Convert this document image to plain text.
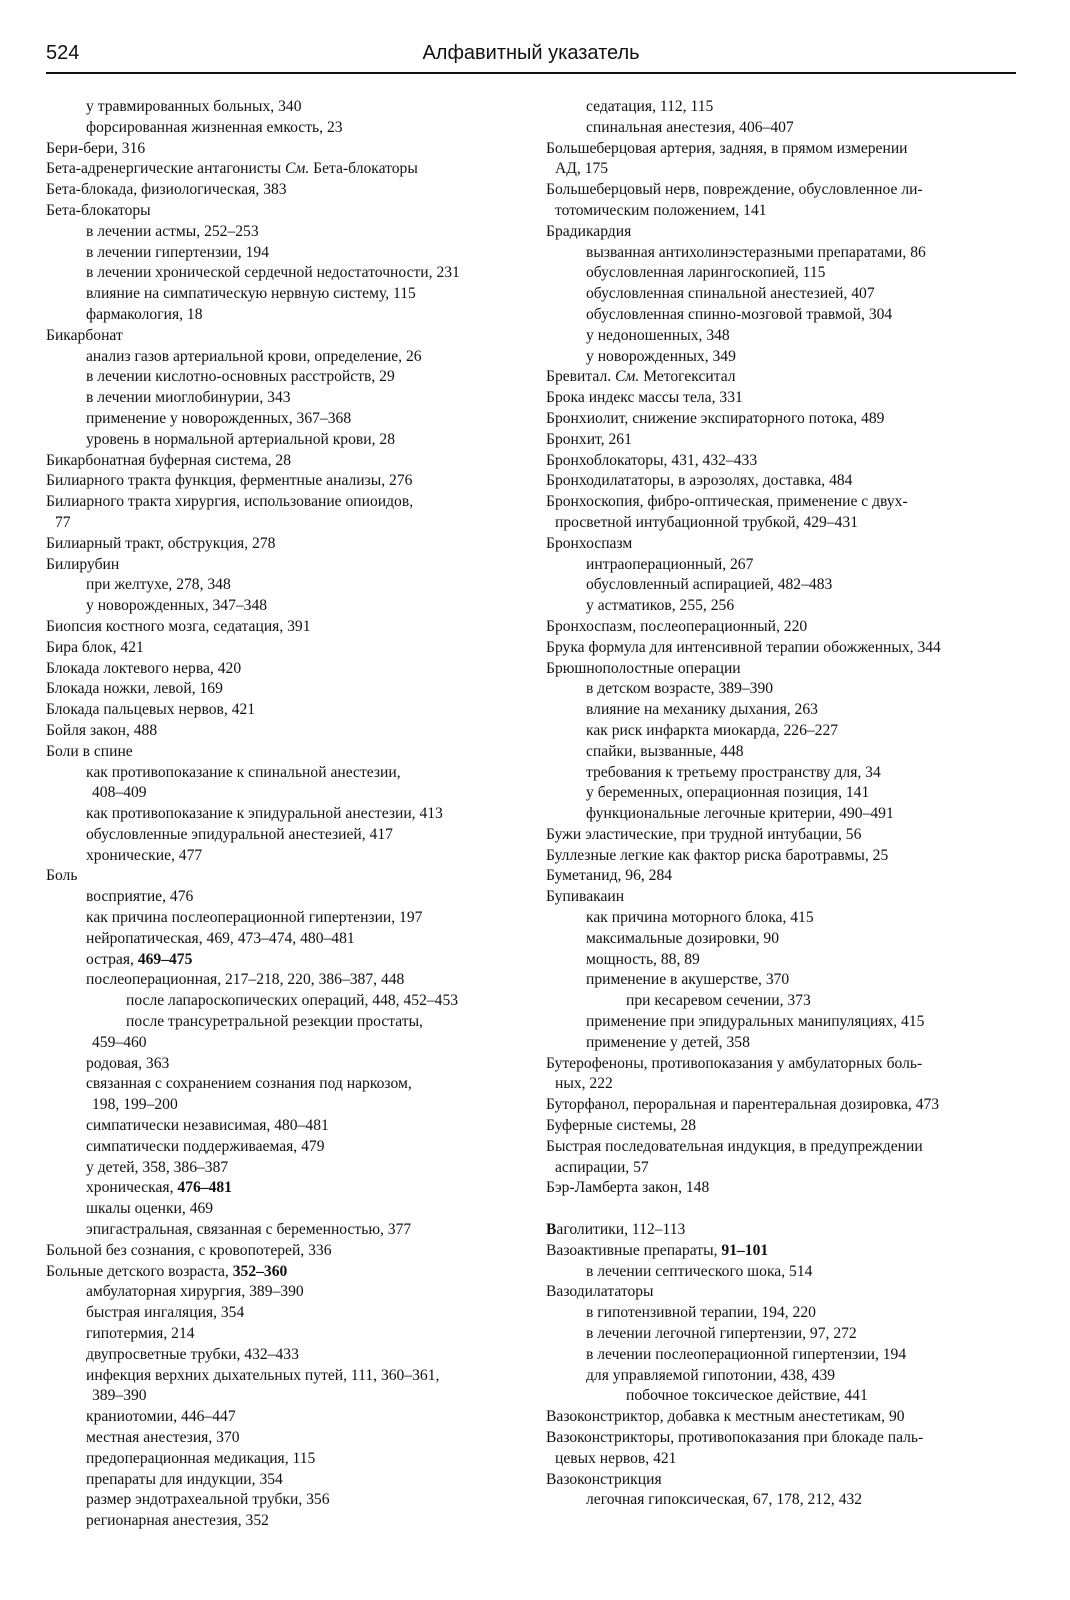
524	Алфавитный указатель
у травмированных больных, 340
форсированная жизненная емкость, 23
Бери-бери, 316
Бета-адренергические антагонисты См. Бета-блокаторы
Бета-блокада, физиологическая, 383
Бета-блокаторы
в лечении астмы, 252–253
в лечении гипертензии, 194
в лечении хронической сердечной недостаточности, 231
влияние на симпатическую нервную систему, 115
фармакология, 18
Бикарбонат
анализ газов артериальной крови, определение, 26
в лечении кислотно-основных расстройств, 29
в лечении миоглобинурии, 343
применение у новорожденных, 367–368
уровень в нормальной артериальной крови, 28
Бикарбонатная буферная система, 28
Билиарного тракта функция, ферментные анализы, 276
Билиарного тракта хирургия, использование опиоидов,
77
Билиарный тракт, обструкция, 278
Билирубин
при желтухе, 278, 348
у новорожденных, 347–348
Биопсия костного мозга, седатация, 391
Бира блок, 421
Блокада локтевого нерва, 420
Блокада ножки, левой, 169
Блокада пальцевых нервов, 421
Бойля закон, 488
Боли в спине
как противопоказание к спинальной анестезии,
408–409
как противопоказание к эпидуральной анестезии, 413
обусловленные эпидуральной анестезией, 417
хронические, 477
Боль
восприятие, 476
как причина послеоперационной гипертензии, 197
нейропатическая, 469, 473–474, 480–481
острая, 469–475
послеоперационная, 217–218, 220, 386–387, 448
после лапароскопических операций, 448, 452–453
после трансуретральной резекции простаты,
459–460
родовая, 363
связанная с сохранением сознания под наркозом,
198, 199–200
симпатически независимая, 480–481
симпатически поддерживаемая, 479
у детей, 358, 386–387
хроническая, 476–481
шкалы оценки, 469
эпигастральная, связанная с беременностью, 377
Больной без сознания, с кровопотерей, 336
Больные детского возраста, 352–360
амбулаторная хирургия, 389–390
быстрая ингаляция, 354
гипотермия, 214
двупросветные трубки, 432–433
инфекция верхних дыхательных путей, 111, 360–361,
389–390
краниотомии, 446–447
местная анестезия, 370
предоперационная медикация, 115
препараты для индукции, 354
размер эндотрахеальной трубки, 356
регионарная анестезия, 352
седатация, 112, 115
спинальная анестезия, 406–407
Большеберцовая артерия, задняя, в прямом измерении
АД, 175
Большеберцовый нерв, повреждение, обусловленное ли-
тотомическим положением, 141
Брадикардия
вызванная антихолинэстеразными препаратами, 86
обусловленная ларингоскопией, 115
обусловленная спинальной анестезией, 407
обусловленная спинно-мозговой травмой, 304
у недоношенных, 348
у новорожденных, 349
Бревитал. См. Метогекситал
Брока индекс массы тела, 331
Бронхиолит, снижение экспираторного потока, 489
Бронхит, 261
Бронхоблокаторы, 431, 432–433
Бронходилататоры, в аэрозолях, доставка, 484
Бронхоскопия, фибро-оптическая, применение с двух-
просветной интубационной трубкой, 429–431
Бронхоспазм
интраоперационный, 267
обусловленный аспирацией, 482–483
у астматиков, 255, 256
Бронхоспазм, послеоперационный, 220
Брука формула для интенсивной терапии обожженных, 344
Брюшнополостные операции
в детском возрасте, 389–390
влияние на механику дыхания, 263
как риск инфаркта миокарда, 226–227
спайки, вызванные, 448
требования к третьему пространству для, 34
у беременных, операционная позиция, 141
функциональные легочные критерии, 490–491
Бужи эластические, при трудной интубации, 56
Буллезные легкие как фактор риска баротравмы, 25
Буметанид, 96, 284
Бупивакаин
как причина моторного блока, 415
максимальные дозировки, 90
мощность, 88, 89
применение в акушерстве, 370
при кесаревом сечении, 373
применение при эпидуральных манипуляциях, 415
применение у детей, 358
Бутерофеноны, противопоказания у амбулаторных боль-
ных, 222
Буторфанол, пероральная и парентеральная дозировка, 473
Буферные системы, 28
Быстрая последовательная индукция, в предупреждении
аспирации, 57
Бэр-Ламберта закон, 148
Ваголитики, 112–113
Вазоактивные препараты, 91–101
в лечении септического шока, 514
Вазодилататоры
в гипотензивной терапии, 194, 220
в лечении легочной гипертензии, 97, 272
в лечении послеоперационной гипертензии, 194
для управляемой гипотонии, 438, 439
побочное токсическое действие, 441
Вазоконстриктор, добавка к местным анестетикам, 90
Вазоконстрикторы, противопоказания при блокаде паль-
цевых нервов, 421
Вазоконстрикция
легочная гипоксическая, 67, 178, 212, 432
